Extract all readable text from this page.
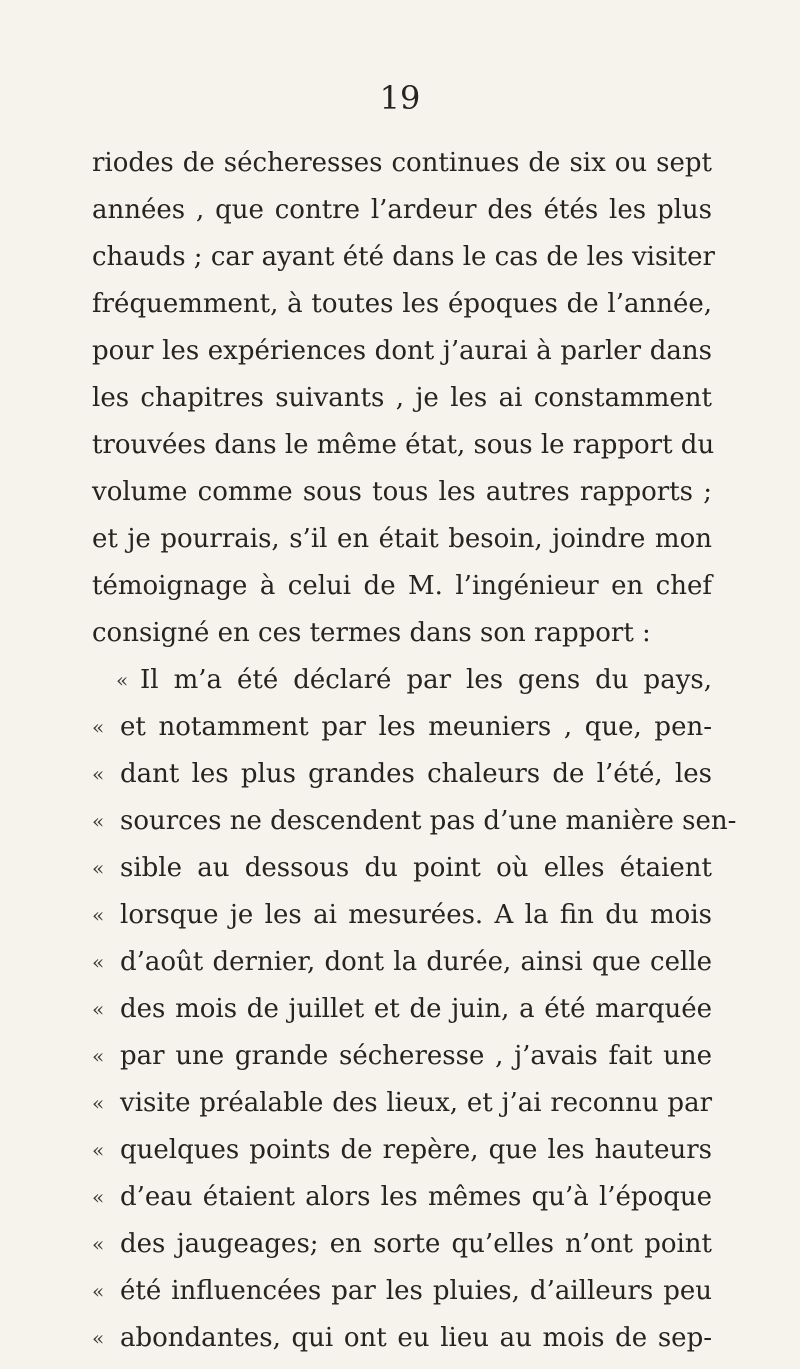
19
riodes de sécheresses continues de six ou sept
années , que contre l’ardeur des étés les plus
chauds ; car ayant été dans le cas de les visiter
fréquemment, à toutes les époques de l’année,
pour les expériences dont j’aurai à parler dans
les chapitres suivants , je les ai constamment
trouvées dans le même état, sous le rapport du
volume comme sous tous les autres rapports ;
et je pourrais, s’il en était besoin, joindre mon
témoignage à celui de M. l’ingénieur en chef
consigné en ces termes dans son rapport :
« Il m’a été déclaré par les gens du pays,
« et notamment par les meuniers , que, pen-
« dant les plus grandes chaleurs de l’été, les
« sources ne descendent pas d’une manière sen-
« sible au dessous du point où elles étaient
« lorsque je les ai mesurées. A la fin du mois
« d’août dernier, dont la durée, ainsi que celle
« des mois de juillet et de juin, a été marquée
« par une grande sécheresse , j’avais fait une
« visite préalable des lieux, et j’ai reconnu par
« quelques points de repère, que les hauteurs
« d’eau étaient alors les mêmes qu’à l’époque
« des jaugeages; en sorte qu’elles n’ont point
« été influencées par les pluies, d’ailleurs peu
« abondantes, qui ont eu lieu au mois de sep-
